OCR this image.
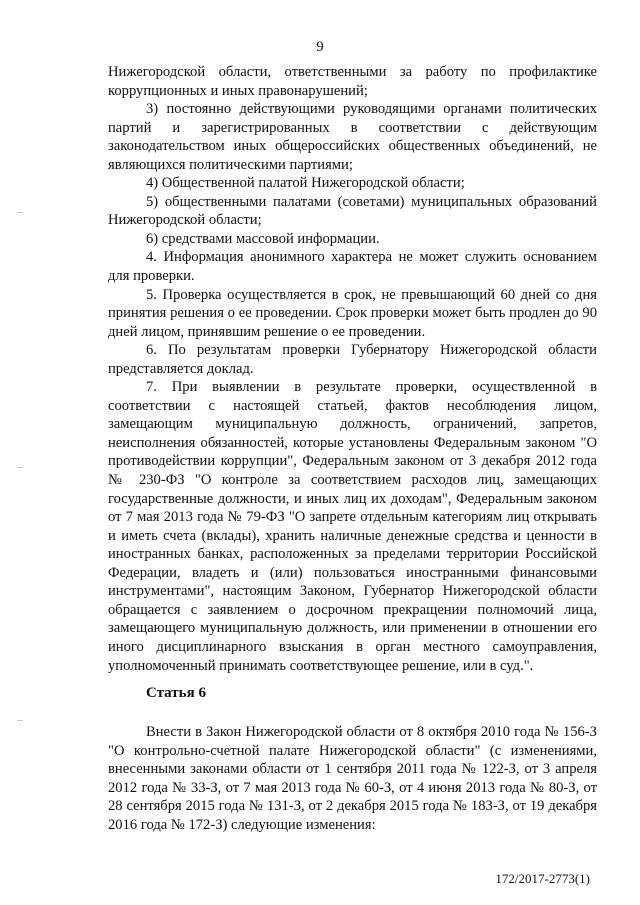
9

Нижегородской области, ответственными за работу по профилактике коррупционных и иных правонарушений;

3) постоянно действующими руководящими органами политических партий и зарегистрированных в соответствии с действующим законодательством иных общероссийских общественных объединений, не являющихся политическими партиями;

4) Общественной палатой Нижегородской области;

5) общественными палатами (советами) муниципальных образований Нижегородской области;

6) средствами массовой информации.

4. Информация анонимного характера не может служить основанием для проверки.

5. Проверка осуществляется в срок, не превышающий 60 дней со дня принятия решения о ее проведении. Срок проверки может быть продлен до 90 дней лицом, принявшим решение о ее проведении.

6. По результатам проверки Губернатору Нижегородской области представляется доклад.

7. При выявлении в результате проверки, осуществленной в соответствии с настоящей статьей, фактов несоблюдения лицом, замещающим муниципальную должность, ограничений, запретов, неисполнения обязанностей, которые установлены Федеральным законом "О противодействии коррупции", Федеральным законом от 3 декабря 2012 года № 230-ФЗ "О контроле за соответствием расходов лиц, замещающих государственные должности, и иных лиц их доходам", Федеральным законом от 7 мая 2013 года № 79-ФЗ "О запрете отдельным категориям лиц открывать и иметь счета (вклады), хранить наличные денежные средства и ценности в иностранных банках, расположенных за пределами территории Российской Федерации, владеть и (или) пользоваться иностранными финансовыми инструментами", настоящим Законом, Губернатор Нижегородской области обращается с заявлением о досрочном прекращении полномочий лица, замещающего муниципальную должность, или применении в отношении его иного дисциплинарного взыскания в орган местного самоуправления, уполномоченный принимать соответствующее решение, или в суд.".

Статья 6

Внести в Закон Нижегородской области от 8 октября 2010 года № 156-З "О контрольно-счетной палате Нижегородской области" (с изменениями, внесенными законами области от 1 сентября 2011 года № 122-З, от 3 апреля 2012 года № 33-З, от 7 мая 2013 года № 60-З, от 4 июня 2013 года № 80-З, от 28 сентября 2015 года № 131-З, от 2 декабря 2015 года № 183-З, от 19 декабря 2016 года № 172-З) следующие изменения:

172/2017-2773(1)
